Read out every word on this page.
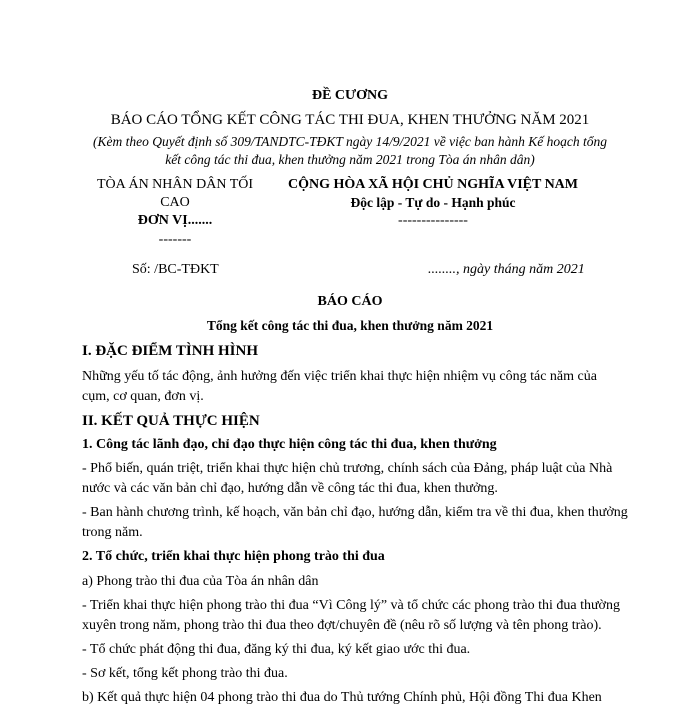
ĐỀ CƯƠNG
BÁO CÁO TỔNG KẾT CÔNG TÁC THI ĐUA, KHEN THƯỞNG NĂM 2021
(Kèm theo Quyết định số 309/TANDTC-TĐKT ngày 14/9/2021 về việc ban hành Kế hoạch tổng
kết công tác thi đua, khen thưởng năm 2021 trong Tòa án nhân dân)
TÒA ÁN NHÂN DÂN TỐI
CAO
ĐƠN VỊ.......
-------
CỘNG HÒA XÃ HỘI CHỦ NGHĨA VIỆT NAM
Độc lập - Tự do - Hạnh phúc
---------------
Số: /BC-TĐKT	........, ngày tháng năm 2021
BÁO CÁO
Tổng kết công tác thi đua, khen thưởng năm 2021
I. ĐẶC ĐIỂM TÌNH HÌNH
Những yếu tố tác động, ảnh hưởng đến việc triển khai thực hiện nhiệm vụ công tác năm của
cụm, cơ quan, đơn vị.
II. KẾT QUẢ THỰC HIỆN
1. Công tác lãnh đạo, chỉ đạo thực hiện công tác thi đua, khen thưởng
- Phổ biến, quán triệt, triển khai thực hiện chủ trương, chính sách của Đảng, pháp luật của Nhà
nước và các văn bản chỉ đạo, hướng dẫn về công tác thi đua, khen thưởng.
- Ban hành chương trình, kế hoạch, văn bản chỉ đạo, hướng dẫn, kiểm tra về thi đua, khen thưởng
trong năm.
2. Tổ chức, triển khai thực hiện phong trào thi đua
a) Phong trào thi đua của Tòa án nhân dân
- Triển khai thực hiện phong trào thi đua “Vì Công lý” và tổ chức các phong trào thi đua thường
xuyên trong năm, phong trào thi đua theo đợt/chuyên đề (nêu rõ số lượng và tên phong trào).
- Tổ chức phát động thi đua, đăng ký thi đua, ký kết giao ước thi đua.
- Sơ kết, tổng kết phong trào thi đua.
b) Kết quả thực hiện 04 phong trào thi đua do Thủ tướng Chính phủ, Hội đồng Thi đua Khen
